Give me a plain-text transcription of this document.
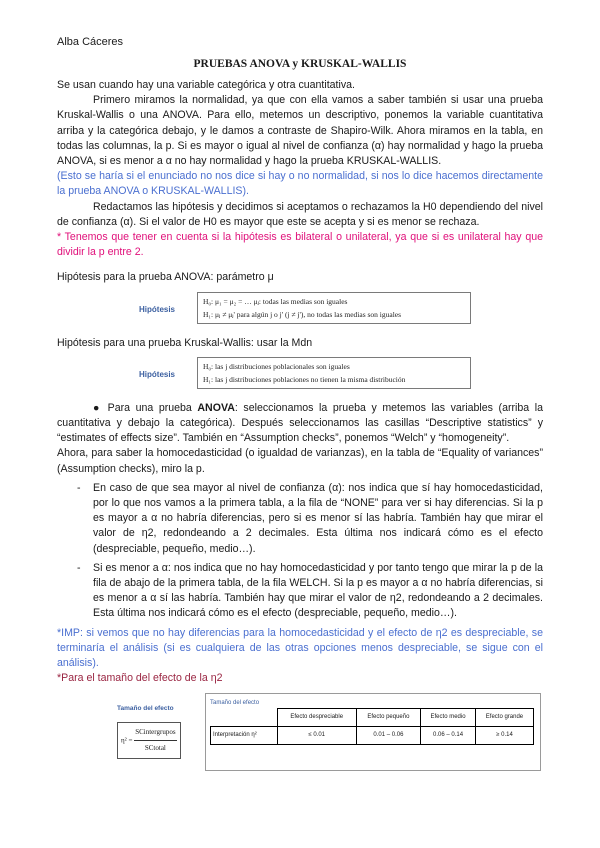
Alba Cáceres
PRUEBAS ANOVA y KRUSKAL-WALLIS

Se usan cuando hay una variable categórica y otra cuantitativa.

Primero miramos la normalidad, ya que con ella vamos a saber también si usar una prueba Kruskal-Wallis o una ANOVA. Para ello, metemos un descriptivo, ponemos la variable cuantitativa arriba y la categórica debajo, y le damos a contraste de Shapiro-Wilk. Ahora miramos en la tabla, en todas las columnas, la p. Si es mayor o igual al nivel de confianza (α) hay normalidad y hago la prueba ANOVA, si es menor a α no hay normalidad y hago la prueba KRUSKAL-WALLIS.

(Esto se haría si el enunciado no nos dice si hay o no normalidad, si nos lo dice hacemos directamente la prueba ANOVA o KRUSKAL-WALLIS).

Redactamos las hipótesis y decidimos si aceptamos o rechazamos la H0 dependiendo del nivel de confianza (α). Si el valor de H0 es mayor que este se acepta y si es menor se rechaza.

* Tenemos que tener en cuenta si la hipótesis es bilateral o unilateral, ya que si es unilateral hay que dividir la p entre 2.

Hipótesis para la prueba ANOVA: parámetro μ

Hipótesis
H₀: μ₁ = μ₂ = … μⱼ: todas las medias son iguales
H₁: μⱼ ≠ μⱼ' para algún j o j' (j ≠ j'), no todas las medias son iguales

Hipótesis para una prueba Kruskal-Wallis: usar la Mdn

Hipótesis
H₀: las j distribuciones poblacionales son iguales
H₁: las j distribuciones poblaciones no tienen la misma distribución

● Para una prueba ANOVA: seleccionamos la prueba y metemos las variables (arriba la cuantitativa y debajo la categórica). Después seleccionamos las casillas “Descriptive statistics” y “estimates of effects size”. También en “Assumption checks”, ponemos “Welch” y “homogeneity”.

Ahora, para saber la homocedasticidad (o igualdad de varianzas), en la tabla de “Equality of variances” (Assumption checks), miro la p.

- En caso de que sea mayor al nivel de confianza (α): nos indica que sí hay homocedasticidad, por lo que nos vamos a la primera tabla, a la fila de “NONE” para ver si hay diferencias. Si la p es mayor a α no habría diferencias, pero si es menor sí las habría. También hay que mirar el valor de η2, redondeando a 2 decimales. Esta última nos indicará cómo es el efecto (despreciable, pequeño, medio…).

- Si es menor a α: nos indica que no hay homocedasticidad y por tanto tengo que mirar la p de la fila de abajo de la primera tabla, de la fila WELCH. Si la p es mayor a α no habría diferencias, si es menor a α sí las habría. También hay que mirar el valor de η2, redondeando a 2 decimales. Esta última nos indicará cómo es el efecto (despreciable, pequeño, medio…).

*IMP: si vemos que no hay diferencias para la homocedasticidad y el efecto de η2 es despreciable, se terminaría el análisis (si es cualquiera de las otras opciones menos despreciable, se sigue con el análisis).

*Para el tamaño del efecto de la η2

Tamaño del efecto
$\eta^2 = \frac{\text{SCintergrupos}}{\text{SCtotal}}$
Tamaño del efecto
	Efecto despreciable	Efecto pequeño	Efecto medio	Efecto grande
Interpretación η²	≤ 0.01	0.01 – 0.06	0.06 – 0.14	≥ 0.14
